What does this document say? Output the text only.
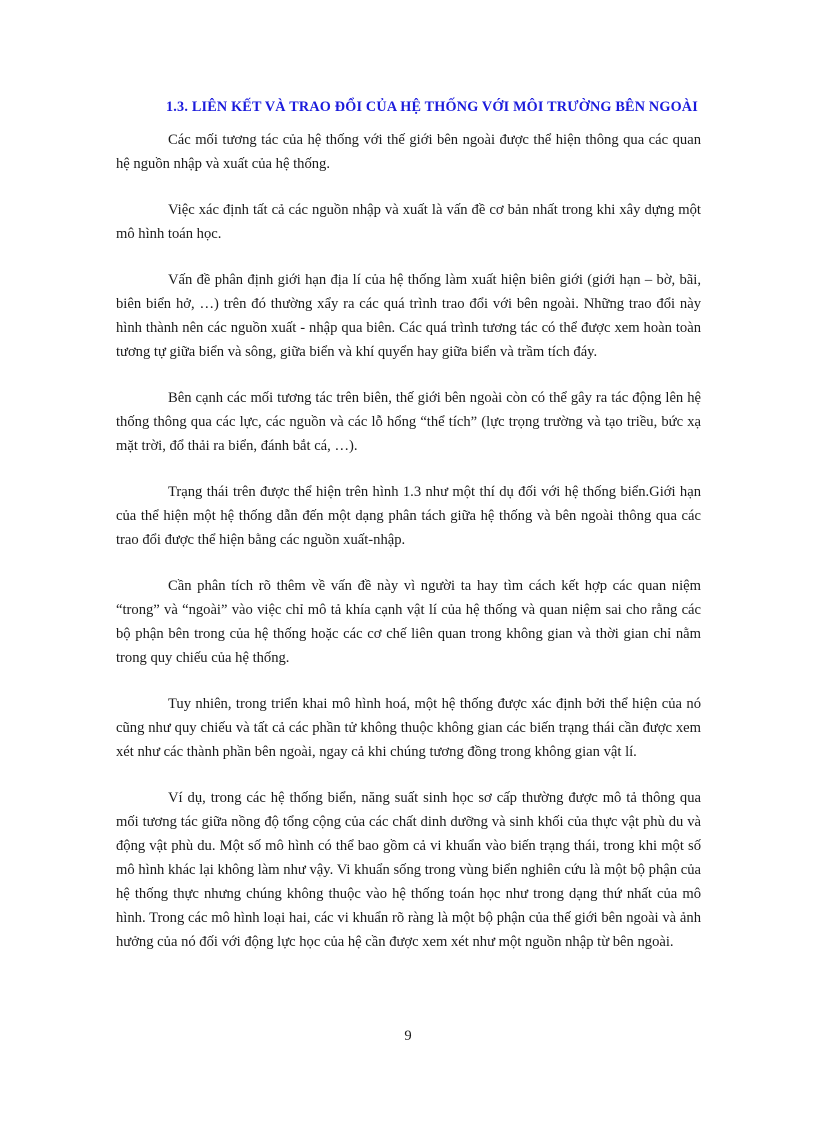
1.3. LIÊN KẾT VÀ TRAO ĐỔI CỦA HỆ THỐNG VỚI MÔI TRƯỜNG BÊN NGOÀI

Các mối tương tác của hệ thống với thế giới bên ngoài được thể hiện thông qua các quan hệ nguồn nhập và xuất của hệ thống.

Việc xác định tất cả các nguồn nhập và xuất là vấn đề cơ bản nhất trong khi xây dựng một mô hình toán học.

Vấn đề phân định giới hạn địa lí của hệ thống làm xuất hiện biên giới (giới hạn – bờ, bãi, biên biển hở, …) trên đó thường xẩy ra các quá trình trao đổi với bên ngoài. Những trao đổi này hình thành nên các nguồn xuất - nhập qua biên. Các quá trình tương tác có thể được xem hoàn toàn tương tự giữa biển và sông, giữa biển và khí quyển hay giữa biển và trầm tích đáy.

Bên cạnh các mối tương tác trên biên, thế giới bên ngoài còn có thể gây ra tác động lên hệ thống thông qua các lực, các nguồn và các lỗ hổng “thể tích” (lực trọng trường và tạo triều, bức xạ mặt trời, đổ thải ra biển, đánh bắt cá, …).

Trạng thái trên được thể hiện trên hình 1.3 như một thí dụ đối với hệ thống biển.Giới hạn của thể hiện một hệ thống dẫn đến một dạng phân tách giữa hệ thống và bên ngoài thông qua các trao đổi được thể hiện bằng các nguồn xuất-nhập.

Cần phân tích rõ thêm về vấn đề này vì người ta hay tìm cách kết hợp các quan niệm “trong” và “ngoài” vào việc chỉ mô tả khía cạnh vật lí của hệ thống và quan niệm sai cho rằng các bộ phận bên trong của hệ thống hoặc các cơ chế liên quan trong không gian và thời gian chỉ nằm trong quy chiếu của hệ thống.

Tuy nhiên, trong triển khai mô hình hoá, một hệ thống được xác định bởi thể hiện của nó cũng như quy chiếu và tất cả các phần tử không thuộc không gian các biến trạng thái cần được xem xét như các thành phần bên ngoài, ngay cả khi chúng tương đồng trong không gian vật lí.

Ví dụ, trong các hệ thống biển, năng suất sinh học sơ cấp thường được mô tả thông qua mối tương tác giữa nồng độ tổng cộng của các chất dinh dưỡng và sinh khối của thực vật phù du và động vật phù du. Một số mô hình có thể bao gồm cả vi khuẩn vào biến trạng thái, trong khi một số mô hình khác lại không làm như vậy. Vi khuẩn sống trong vùng biển nghiên cứu là một bộ phận của hệ thống thực nhưng chúng không thuộc vào hệ thống toán học như trong dạng thứ nhất của mô hình. Trong các mô hình loại hai, các vi khuẩn rõ ràng là một bộ phận của thế giới bên ngoài và ảnh hưởng của nó đối với động lực học của hệ cần được xem xét như một nguồn nhập từ bên ngoài.

9
